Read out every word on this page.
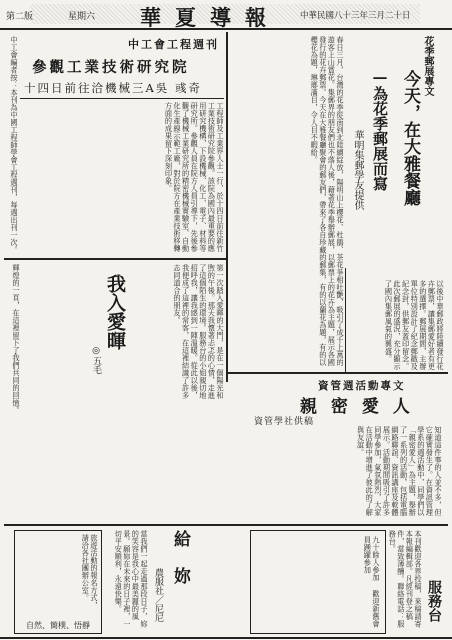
第二版	星期六 華夏導報 中華民國八十三年三月二十日
花季郵展專文
今天，在大雅餐廳
—為花季郵展而寫
華明集郵學友提供
春日三月，台灣的花季從南到北陸續綻放，陽明山上櫻花、杜鵑、茶花爭相吐艷，吸引了成千上萬的遊客上山賞花。集郵界的朋友們也不落人後，藉著花季舉辦郵展，以郵票上的花卉為主題，展示各國發行的花卉郵票。今天在大雅餐廳聚會的郵友們，帶來了各自珍藏的郵集，有的以蘭花為題，有的以櫻花為題，琳瑯滿目，令人目不暇給。
以後中華郵政將陸續發行花卉郵票，讓集郵愛好者有更多的選擇。郵展期間，主辦單位特別設計了紀念郵戳及紀念封，供郵友蓋印留念。此次郵展的盛況，充分顯示了國內集郵風氣的興盛。
中工會工程週刊
參觀工業技術研究院
十四日前往洽機械三A吳 彧奇
工程師及工業界人士一行，於十四日前往新竹工業技術研究院參觀。該院為國內最重要的應用研究機構，下設機械、化工、電子、材料等研究所。參觀人員在院方人員引導下，先後參觀了機械工業研究所的精密機械實驗室、自動化生產線示範工廠，對於院方在產業技術移轉方面的成果留下深刻印象。
中工會編者按：本刊為中國工程師學會工程週刊，每週出刊一次。
我入愛暉
◎五毛	第一次踏入愛暉的大門，是在一個陽光和煦的午後。那天我懷著忐忑的心情，走進了這個陌生的環境。服務台的小姐親切地招呼我，讓我感到一陣溫暖。從此以後，我便成了這裡的常客，在這裡結識了許多志同道合的朋友。
輝煌的一頁，在這裡留下了我們共同的回憶。	資管週活動專文
親 密 愛 人
資管學社供稿
知道這件事的人並不多，但它確實發生了。在資訊管理學系的週活動中，同學們以「親密愛人」為主題，舉辦了一系列的活動，包括電腦網路聯誼、資訊講座及軟體展示。活動期間吸引了許多同學參加，氣氛熱烈，大家在活動中增進了彼此的了解與友誼。
旅遊活動的報名方式，請洽各社團辦公室。
自然、簡樸、悟靜
給 妳
農服社／尼尼
當我們一起走過那段日子，妳的笑容是我心中最美麗的風景。願妳在未來的日子裡，一切平安順利，永遠快樂。	九十餘人參加 歡迎新舊會員踴躍參加
服務台
本刊歡迎各界投稿，來稿請寄本報編輯部。凡經刊登之稿件，當致薄酬。聯絡電話：服務台。
